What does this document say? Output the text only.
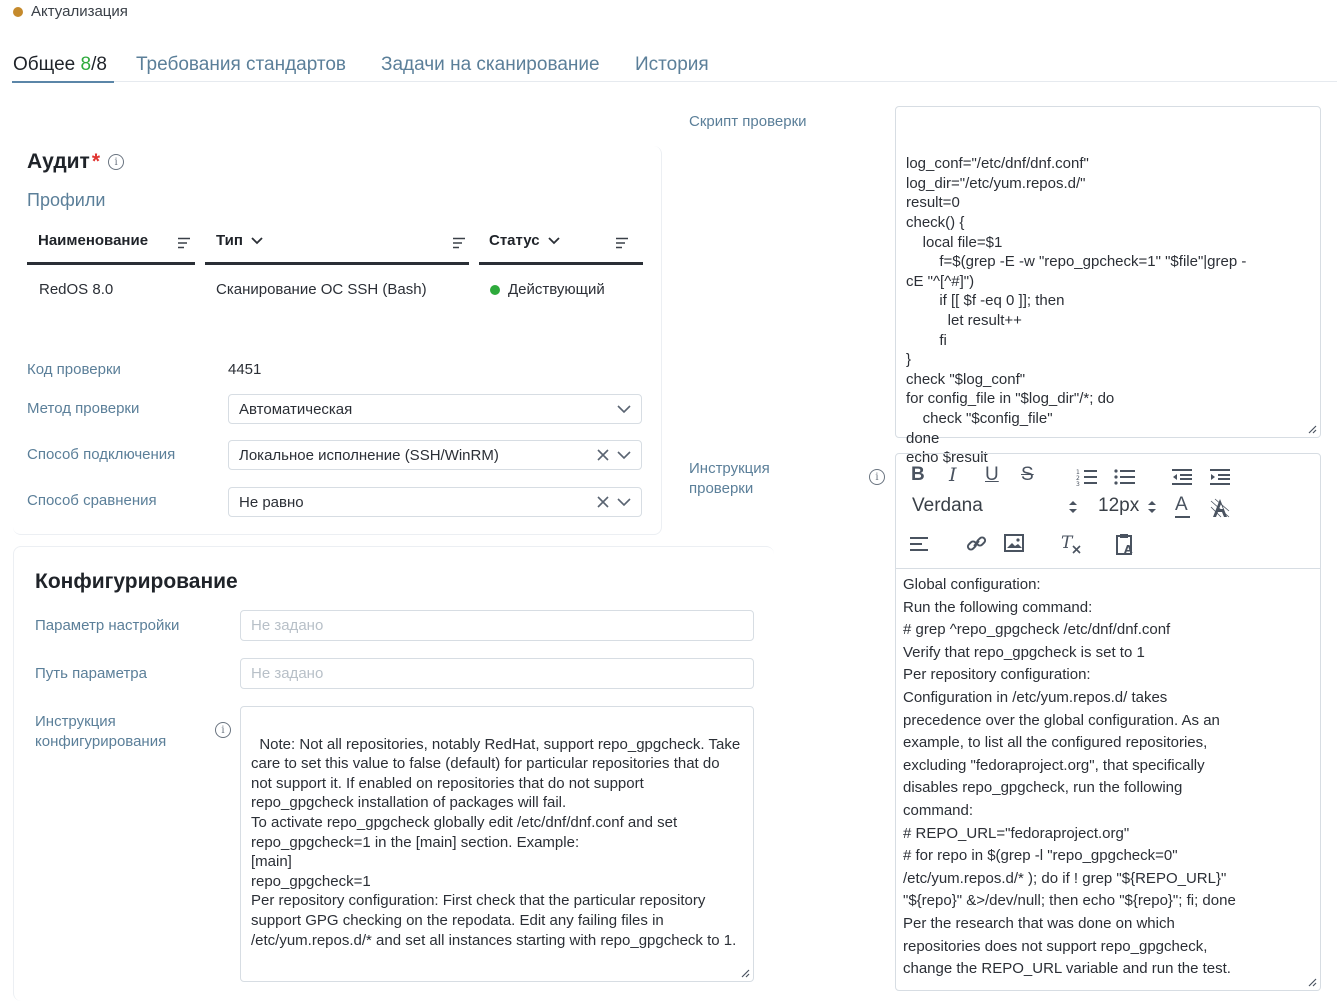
Актуализация
Общее 8/8 Требования стандартов Задачи на сканирование История
Аудит *	i
Профили
Наименование	Тип	Статус
RedOS 8.0	Сканирование ОС SSH (Bash)	Действующий
Код проверки	4451
Метод проверки	Автоматическая
Способ подключения	Локальное исполнение (SSH/WinRM)
Способ сравнения	Не равно
Конфигурирование
Параметр настройки	Не задано
Путь параметра	Не задано
Инструкция конфигурирования
i

Note: Not all repositories, notably RedHat, support repo_gpgcheck. Take care to set this value to false (default) for particular repositories that do not support it. If enabled on repositories that do not support repo_gpgcheck installation of packages will fail.
To activate repo_gpgcheck globally edit /etc/dnf/dnf.conf and set repo_gpgcheck=1 in the [main] section. Example:
[main]
repo_gpgcheck=1
Per repository configuration: First check that the particular repository support GPG checking on the repodata. Edit any failing files in /etc/yum.repos.d/* and set all instances starting with repo_gpgcheck to 1.

Скрипт проверки

log_conf="/etc/dnf/dnf.conf"
log_dir="/etc/yum.repos.d/"
result=0
check() {
local file=$1
f=$(grep -E -w "repo_gpcheck=1" "$file"|grep -
cE "^[^#]")
if [[ $f -eq 0 ]]; then
let result++
fi
}
check "$log_conf"
for config_file in "$log_dir"/*; do
check "$config_file"
done
echo $result

Инструкция проверки
i	B I U S	1
2
3
Verdana	12px A
T	A
Global configuration:
Run the following command:
# grep ^repo_gpgcheck /etc/dnf/dnf.conf
Verify that repo_gpgcheck is set to 1
Per repository configuration:
Configuration in /etc/yum.repos.d/ takes
precedence over the global configuration. As an
example, to list all the configured repositories,
excluding "fedoraproject.org", that specifically
disables repo_gpgcheck, run the following
command:
# REPO_URL="fedoraproject.org"
# for repo in $(grep -l "repo_gpgcheck=0"
/etc/yum.repos.d/* ); do if ! grep "${REPO_URL}"
"${repo}" &>/dev/null; then echo "${repo}"; fi; done
Per the research that was done on which
repositories does not support repo_gpgcheck,
change the REPO_URL variable and run the test.
